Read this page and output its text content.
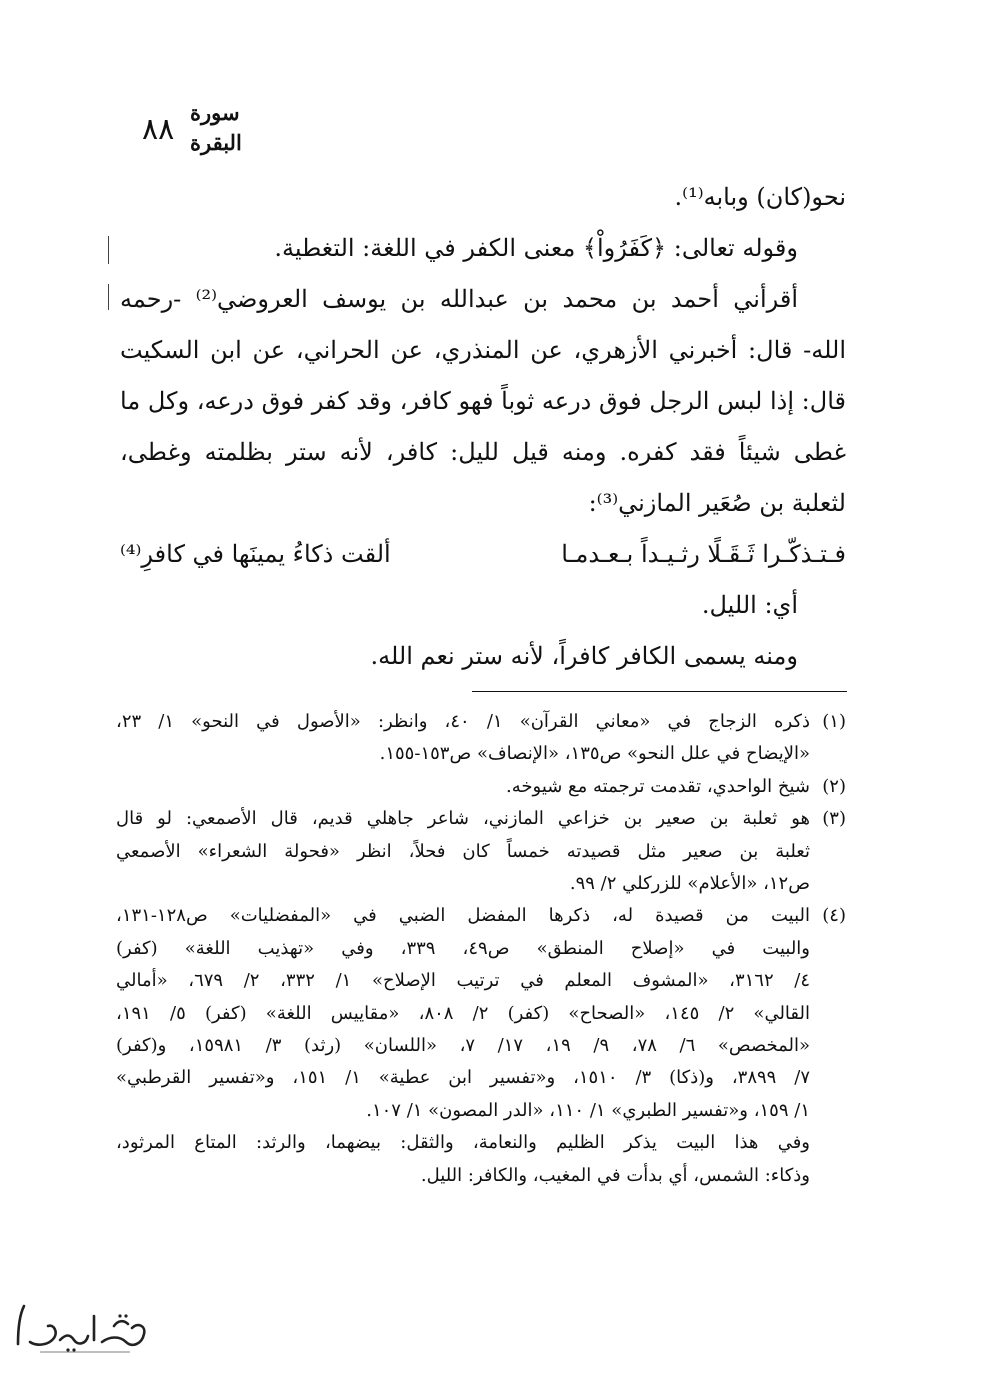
٨٨ سورة البقرة
نحو(كان) وبابه⁽¹⁾.
وقوله تعالى: ﴿كَفَرُواْ﴾ معنى الكفر في اللغة: التغطية.
أقرأني أحمد بن محمد بن عبدالله بن يوسف العروضي⁽²⁾ -رحمه
الله- قال: أخبرني الأزهري، عن المنذري، عن الحراني، عن ابن السكيت
قال: إذا لبس الرجل فوق درعه ثوباً فهو كافر، وقد كفر فوق درعه، وكل ما
غطى شيئاً فقد كفره. ومنه قيل لليل: كافر، لأنه ستر بظلمته وغطى،
لثعلبة بن صُعَير المازني⁽³⁾:
فـتـذكّـرا ثَـقَـلًا رثـيـداً بـعـدمـا
ألقت ذكاءُ يمينَها في كافرِ⁽⁴⁾
أي: الليل.
ومنه يسمى الكافر كافراً، لأنه ستر نعم الله.
(١)
ذكره الزجاج في «معاني القرآن» ١/ ٤٠، وانظر: «الأصول في النحو» ١/ ٢٣،
«الإيضاح في علل النحو» ص١٣٥، «الإنصاف» ص١٥٣-١٥٥.
(٢)
شيخ الواحدي، تقدمت ترجمته مع شيوخه.
(٣)
هو ثعلبة بن صعير بن خزاعي المازني، شاعر جاهلي قديم، قال الأصمعي: لو قال
ثعلبة بن صعير مثل قصيدته خمساً كان فحلاً، انظر «فحولة الشعراء» الأصمعي
ص١٢، «الأعلام» للزركلي ٢/ ٩٩.
(٤)
البيت من قصيدة له، ذكرها المفضل الضبي في «المفضليات» ص١٢٨-١٣١،
والبيت في «إصلاح المنطق» ص٤٩، ٣٣٩، وفي «تهذيب اللغة» (كفر)
٤/ ٣١٦٢، «المشوف المعلم في ترتيب الإصلاح» ١/ ٣٣٢، ٢/ ٦٧٩، «أمالي
القالي» ٢/ ١٤٥، «الصحاح» (كفر) ٢/ ٨٠٨، «مقاييس اللغة» (كفر) ٥/ ١٩١،
«المخصص» ٦/ ٧٨، ٩/ ١٩، ١٧/ ٧، «اللسان» (رثد) ٣/ ١٥٩٨١، و(كفر)
٧/ ٣٨٩٩، و(ذكا) ٣/ ١٥١٠، و«تفسير ابن عطية» ١/ ١٥١، و«تفسير القرطبي»
١/ ١٥٩، و«تفسير الطبري» ١/ ١١٠، «الدر المصون» ١/ ١٠٧.
وفي هذا البيت يذكر الظليم والنعامة، والثقل: بيضهما، والرثد: المتاع المرثود،
وذكاء: الشمس، أي بدأت في المغيب، والكافر: الليل.
